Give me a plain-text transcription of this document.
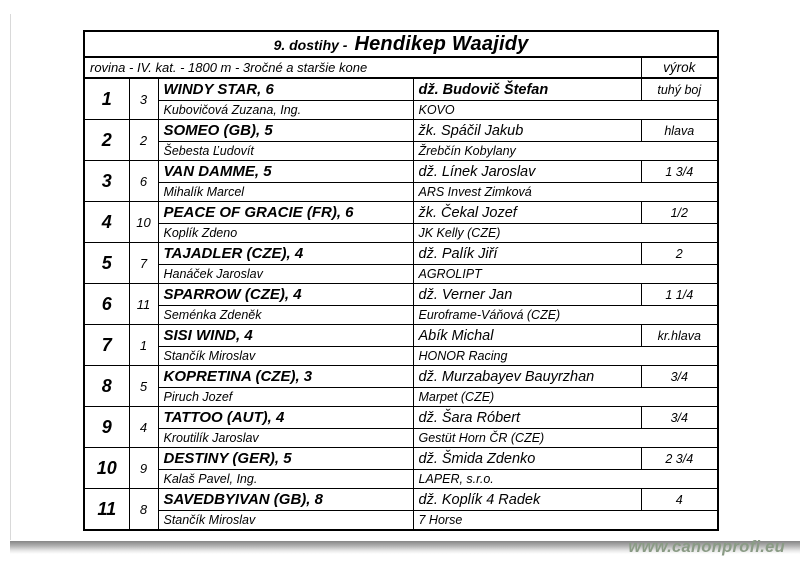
9. dostihy - Hendikep Waajidy				
rovina - IV. kat. - 1800 m - 3ročné a staršie kone				výrok
1	3	WINDY STAR, 6	dž. Budovič Štefan	tuhý boj
		Kubovičová Zuzana, Ing.	KOVO	
2	2	SOMEO (GB), 5	žk. Spáčil Jakub	hlava
		Šebesta Ľudovít	Žrebčín Kobylany	
3	6	VAN DAMME, 5	dž. Línek Jaroslav	1 3/4
		Mihalík Marcel	ARS Invest Zimková	
4	10	PEACE OF GRACIE (FR), 6	žk. Čekal Jozef	1/2
		Koplík Zdeno	JK Kelly (CZE)	
5	7	TAJADLER (CZE), 4	dž. Palík Jiří	2
		Hanáček Jaroslav	AGROLIPT	
6	11	SPARROW (CZE), 4	dž. Verner Jan	1 1/4
		Seménka Zdeněk	Euroframe-Váňová (CZE)	
7	1	SISI WIND, 4	Abík Michal	kr.hlava
		Stančík Miroslav	HONOR Racing	
8	5	KOPRETINA (CZE), 3	dž. Murzabayev Bauyrzhan	3/4
		Piruch Jozef	Marpet (CZE)	
9	4	TATTOO (AUT), 4	dž. Šara Róbert	3/4
		Kroutilík Jaroslav	Gestüt Horn ČR (CZE)	
10	9	DESTINY (GER), 5	dž. Šmida Zdenko	2 3/4
		Kalaš Pavel, Ing.	LAPER, s.r.o.	
11	8	SAVEDBYIVAN (GB), 8	dž. Koplík 4 Radek	4
		Stančík Miroslav	7 Horse	
www.canonprofi.eu
